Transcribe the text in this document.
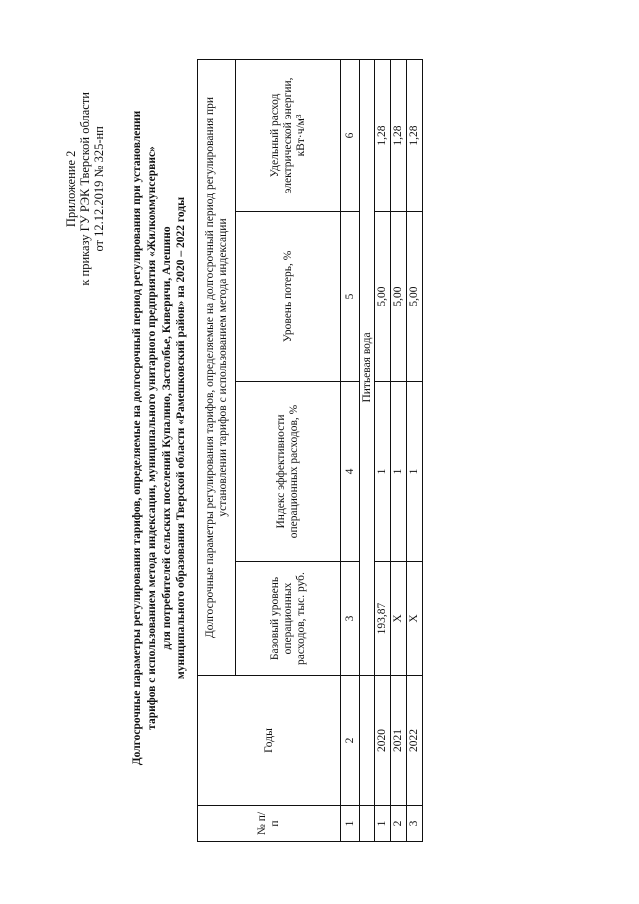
Приложение 2 к приказу ГУ РЭК Тверской области от 12.12.2019 № 325-нп Долгосрочные параметры регулирования тарифов, определяемые на долгосрочный период регулирования при установлении тарифов с использованием метода индексации, муниципального унитарного предприятия «Жилкоммунсервис» для потребителей сельских поселений Купалино, Застолбье, Киверичи, Алешино муниципального образования Тверской области «Рамешковский район» на 2020 – 2022 годы
№ п/п	Годы	Долгосрочные параметры регулирования тарифов, определяемые на долгосрочный период регулирования при установлении тарифов с использованием метода индексации			
		Базовый уровень операционных расходов, тыс. руб.	Индекс эффективности операционных расходов, %	Уровень потерь, %	Удельный расход электрической энергии, кВт·ч/м³
1	2	3	4	5	6
		Питьевая вода			
1	2020	193,87	1	5,00	1,28
2	2021	Х	1	5,00	1,28
3	2022	Х	1	5,00	1,28
